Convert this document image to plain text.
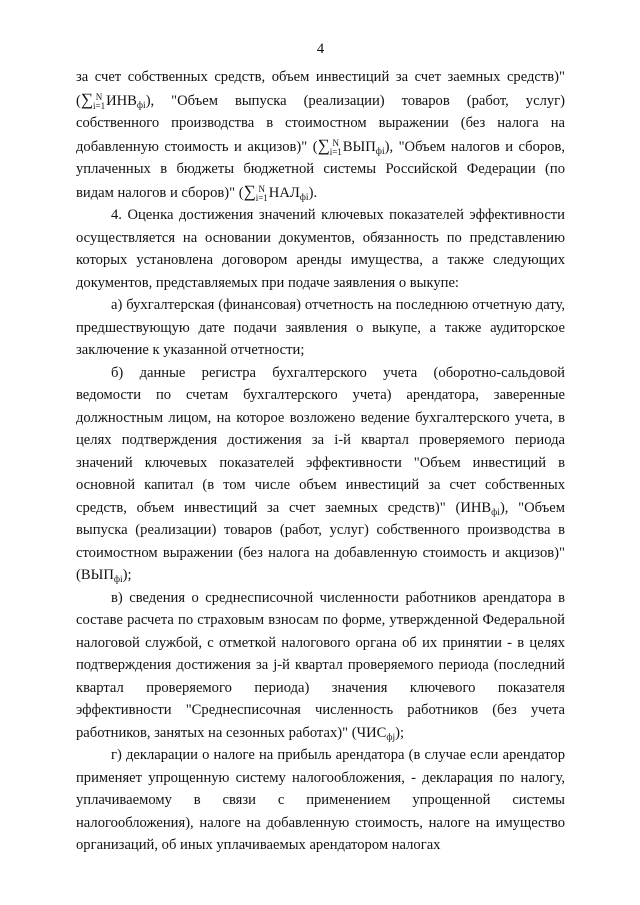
4

за счет собственных средств, объем инвестиций за счет заемных средств)" (∑ N
i=1 $ИНВ_{фi}$), "Объем выпуска (реализации) товаров (работ, услуг) собственного производства в стоимостном выражении (без налога на добавленную стоимость и акцизов)" (∑ N
i=1 $ВЫП_{фi}$), "Объем налогов и сборов, уплаченных в бюджеты бюджетной системы Российской Федерации (по видам налогов и сборов)" (∑ N
i=1 $НАЛ_{фi}$).

4. Оценка достижения значений ключевых показателей эффективности осуществляется на основании документов, обязанность по представлению которых установлена договором аренды имущества, а также следующих документов, представляемых при подаче заявления о выкупе:

а) бухгалтерская (финансовая) отчетность на последнюю отчетную дату, предшествующую дате подачи заявления о выкупе, а также аудиторское заключение к указанной отчетности;

б) данные регистра бухгалтерского учета (оборотно-сальдовой ведомости по счетам бухгалтерского учета) арендатора, заверенные должностным лицом, на которое возложено ведение бухгалтерского учета, в целях подтверждения достижения за i-й квартал проверяемого периода значений ключевых показателей эффективности "Объем инвестиций в основной капитал (в том числе объем инвестиций за счет собственных средств, объем инвестиций за счет заемных средств)" $(ИНВ_{фi})$, "Объем выпуска (реализации) товаров (работ, услуг) собственного производства в стоимостном выражении (без налога на добавленную стоимость и акцизов)" $(ВЫП_{фi})$;

в) сведения о среднесписочной численности работников арендатора в составе расчета по страховым взносам по форме, утвержденной Федеральной налоговой службой, с отметкой налогового органа об их принятии - в целях подтверждения достижения за j-й квартал проверяемого периода (последний квартал проверяемого периода) значения ключевого показателя эффективности "Среднесписочная численность работников (без учета работников, занятых на сезонных работах)" $(ЧИС_{фj})$;

г) декларации о налоге на прибыль арендатора (в случае если арендатор применяет упрощенную систему налогообложения, - декларация по налогу, уплачиваемому в связи с применением упрощенной системы налогообложения), налоге на добавленную стоимость, налоге на имущество организаций, об иных уплачиваемых арендатором налогах
